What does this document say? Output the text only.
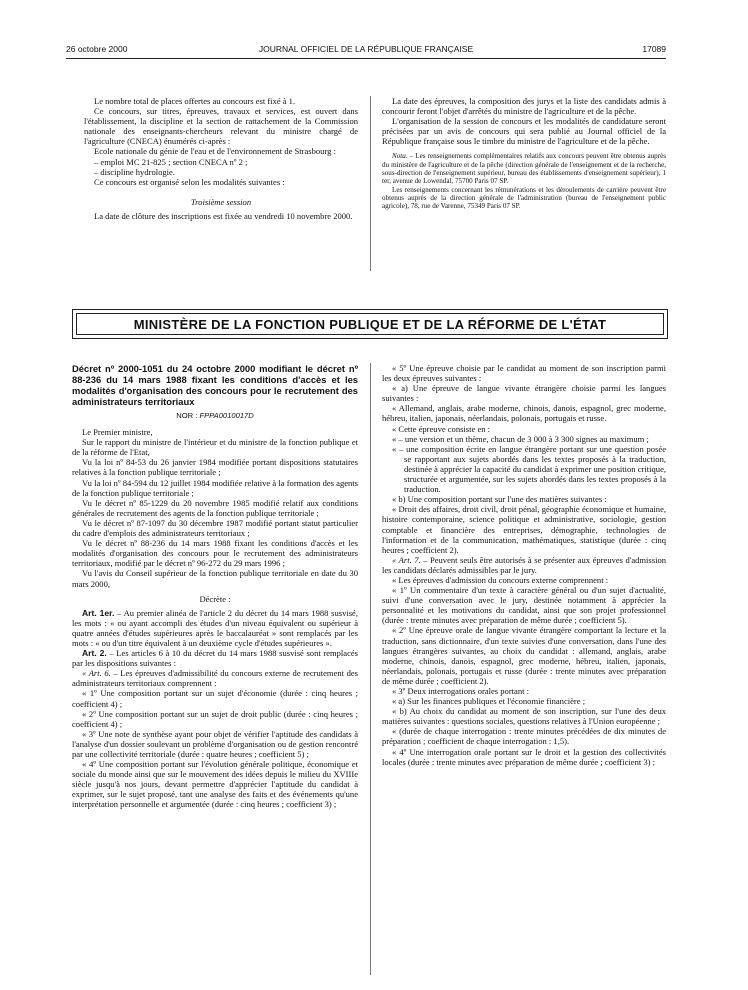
26 octobre 2000	JOURNAL OFFICIEL DE LA RÉPUBLIQUE FRANÇAISE	17089

Le nombre total de places offertes au concours est fixé à 1.

Ce concours, sur titres, épreuves, travaux et services, est ouvert dans l'établissement, la discipline et la section de rattachement de la Commission nationale des enseignants-chercheurs relevant du ministre chargé de l'agriculture (CNECA) énumérés ci-après :

Ecole nationale du génie de l'eau et de l'environnement de Strasbourg :

– emploi MC 21-825 ; section CNECA nº 2 ;

– discipline hydrologie.

Ce concours est organisé selon les modalités suivantes :

Troisième session

La date de clôture des inscriptions est fixée au vendredi 10 novembre 2000.

La date des épreuves, la composition des jurys et la liste des candidats admis à concourir feront l'objet d'arrêtés du ministre de l'agriculture et de la pêche.

L'organisation de la session de concours et les modalités de candidature seront précisées par un avis de concours qui sera publié au Journal officiel de la République française sous le timbre du ministre de l'agriculture et de la pêche.

Nota. – Les renseignements complémentaires relatifs aux concours peuvent être obtenus auprès du ministère de l'agriculture et de la pêche (direction générale de l'enseignement et de la recherche, sous-direction de l'enseignement supérieur, bureau des établissements d'enseignement supérieur), 1 ter, avenue de Lowendal, 75700 Paris 07 SP.

Les renseignements concernant les rémunérations et les déroulements de carrière peuvent être obtenus auprès de la direction générale de l'administration (bureau de l'enseignement public agricole), 78, rue de Varenne, 75349 Paris 07 SP.

MINISTÈRE DE LA FONCTION PUBLIQUE ET DE LA RÉFORME DE L'ÉTAT
Décret nº 2000-1051 du 24 octobre 2000 modifiant le décret nº 88-236 du 14 mars 1988 fixant les conditions d'accès et les modalités d'organisation des concours pour le recrutement des administrateurs territoriaux
NOR : FPPA0010017D

Le Premier ministre,

Sur le rapport du ministre de l'intérieur et du ministre de la fonction publique et de la réforme de l'Etat,

Vu la loi nº 84-53 du 26 janvier 1984 modifiée portant dispositions statutaires relatives à la fonction publique territoriale ;

Vu la loi nº 84-594 du 12 juillet 1984 modifiée relative à la formation des agents de la fonction publique territoriale ;

Vu le décret nº 85-1229 du 20 novembre 1985 modifié relatif aux conditions générales de recrutement des agents de la fonction publique territoriale ;

Vu le décret nº 87-1097 du 30 décembre 1987 modifié portant statut particulier du cadre d'emplois des administrateurs territoriaux ;

Vu le décret nº 88-236 du 14 mars 1988 fixant les conditions d'accès et les modalités d'organisation des concours pour le recrutement des administrateurs territoriaux, modifié par le décret nº 96-272 du 29 mars 1996 ;

Vu l'avis du Conseil supérieur de la fonction publique territoriale en date du 30 mars 2000,

Décrète :

Art. 1er. – Au premier alinéa de l'article 2 du décret du 14 mars 1988 susvisé, les mots : « ou ayant accompli des études d'un niveau équivalent ou supérieur à quatre années d'études supérieures après le baccalauréat » sont remplacés par les mots : « ou d'un titre équivalent à un deuxième cycle d'études supérieures ».

Art. 2. – Les articles 6 à 10 du décret du 14 mars 1988 susvisé sont remplacés par les dispositions suivantes :

« Art. 6. – Les épreuves d'admissibilité du concours externe de recrutement des administrateurs territoriaux comprennent :

« 1º Une composition portant sur un sujet d'économie (durée : cinq heures ; coefficient 4) ;

« 2º Une composition portant sur un sujet de droit public (durée : cinq heures ; coefficient 4) ;

« 3º Une note de synthèse ayant pour objet de vérifier l'aptitude des candidats à l'analyse d'un dossier soulevant un problème d'organisation ou de gestion rencontré par une collectivité territoriale (durée : quatre heures ; coefficient 5) ;

« 4º Une composition portant sur l'évolution générale politique, économique et sociale du monde ainsi que sur le mouvement des idées depuis le milieu du XVIIIe siècle jusqu'à nos jours, devant permettre d'apprécier l'aptitude du candidat à exprimer, sur le sujet proposé, tant une analyse des faits et des événements qu'une interprétation personnelle et argumentée (durée : cinq heures ; coefficient 3) ;

« 5º Une épreuve choisie par le candidat au moment de son inscription parmi les deux épreuves suivantes :

« a) Une épreuve de langue vivante étrangère choisie parmi les langues suivantes :

« Allemand, anglais, arabe moderne, chinois, danois, espagnol, grec moderne, hébreu, italien, japonais, néerlandais, polonais, portugais et russe.

« Cette épreuve consiste en :

« – une version et un thème, chacun de 3 000 à 3 300 signes au maximum ;

« – une composition écrite en langue étrangère portant sur une question posée se rapportant aux sujets abordés dans les textes proposés à la traduction, destinée à apprécier la capacité du candidat à exprimer une position critique, structurée et argumentée, sur les sujets abordés dans les textes proposés à la traduction.

« b) Une composition portant sur l'une des matières suivantes :

« Droit des affaires, droit civil, droit pénal, géographie économique et humaine, histoire contemporaine, science politique et administrative, sociologie, gestion comptable et financière des entreprises, démographie, technologies de l'information et de la communication, mathématiques, statistique (durée : cinq heures ; coefficient 2).

« Art. 7. – Peuvent seuls être autorisés à se présenter aux épreuves d'admission les candidats déclarés admissibles par le jury.

« Les épreuves d'admission du concours externe comprennent :

« 1º Un commentaire d'un texte à caractère général ou d'un sujet d'actualité, suivi d'une conversation avec le jury, destinée notamment à apprécier la personnalité et les motivations du candidat, ainsi que son projet professionnel (durée : trente minutes avec préparation de même durée ; coefficient 5).

« 2º Une épreuve orale de langue vivante étrangère comportant la lecture et la traduction, sans dictionnaire, d'un texte suivies d'une conversation, dans l'une des langues étrangères suivantes, au choix du candidat : allemand, anglais, arabe moderne, chinois, danois, espagnol, grec moderne, hébreu, italien, japonais, néerlandais, polonais, portugais et russe (durée : trente minutes avec préparation de même durée ; coefficient 2).

« 3º Deux interrogations orales portant :

« a) Sur les finances publiques et l'économie financière ;

« b) Au choix du candidat au moment de son inscription, sur l'une des deux matières suivantes : questions sociales, questions relatives à l'Union européenne ;

« (durée de chaque interrogation : trente minutes précédées de dix minutes de préparation ; coefficient de chaque interrogation : 1,5).

« 4º Une interrogation orale portant sur le droit et la gestion des collectivités locales (durée : trente minutes avec préparation de même durée ; coefficient 3) ;
